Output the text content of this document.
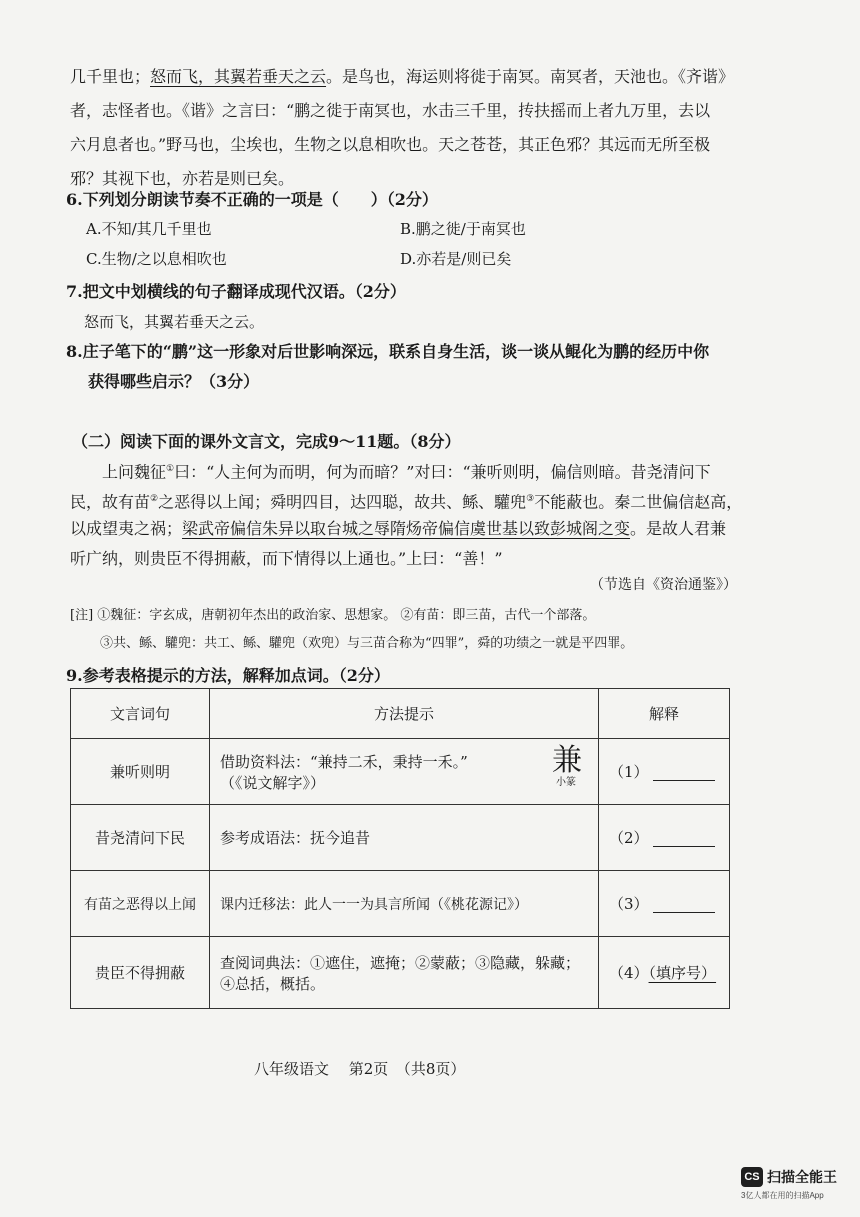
几千里也；怒而飞，其翼若垂天之云。是鸟也，海运则将徙于南冥。南冥者，天池也。《齐谐》
者，志怪者也。《谐》之言曰：“鹏之徙于南冥也，水击三千里，抟扶摇而上者九万里，去以
六月息者也。”野马也，尘埃也，生物之以息相吹也。天之苍苍，其正色邪？其远而无所至极
邪？其视下也，亦若是则已矣。
6.下列划分朗读节奏不正确的一项是（　　）（2分）
A.不知/其几千里也	B.鹏之徙/于南冥也
C.生物/之以息相吹也	D.亦若是/则已矣
7.把文中划横线的句子翻译成现代汉语。（2分）
怒而飞，其翼若垂天之云。
8.庄子笔下的“鹏”这一形象对后世影响深远，联系自身生活，谈一谈从鲲化为鹏的经历中你
获得哪些启示？（3分）
（二）阅读下面的课外文言文，完成9～11题。（8分）
上问魏征①曰：“人主何为而明，何为而暗？”对曰：“兼听则明，偏信则暗。昔尧清问下
民，故有苗②之恶得以上闻；舜明四目，达四聪，故共、鲧、驩兜③不能蔽也。秦二世偏信赵高，
以成望夷之祸；梁武帝偏信朱异以取台城之辱隋炀帝偏信虞世基以致彭城阁之变。是故人君兼
听广纳，则贵臣不得拥蔽，而下情得以上通也。”上曰：“善！”
（节选自《资治通鉴》）
[注] ①魏征：字玄成，唐朝初年杰出的政治家、思想家。 ②有苗：即三苗，古代一个部落。
③共、鲧、驩兜：共工、鲧、驩兜（欢兜）与三苗合称为“四罪”，舜的功绩之一就是平四罪。
9.参考表格提示的方法，解释加点词。（2分）
文言词句	方法提示	解释
兼听则明	借助资料法：“兼持二禾，秉持一禾。”
（《说文解字》）
兼
小篆	（1）
昔尧清问下民	参考成语法：抚今追昔	（2）
有苗之恶得以上闻	课内迁移法：此人一一为具言所闻（《桃花源记》）	（3）
贵臣不得拥蔽	查阅词典法：①遮住，遮掩；②蒙蔽；③隐藏，躲藏；
④总括，概括。	（4）（填序号）
八年级语文　 第2页　（共8页）
CS 扫描全能王
3亿人都在用的扫描App
